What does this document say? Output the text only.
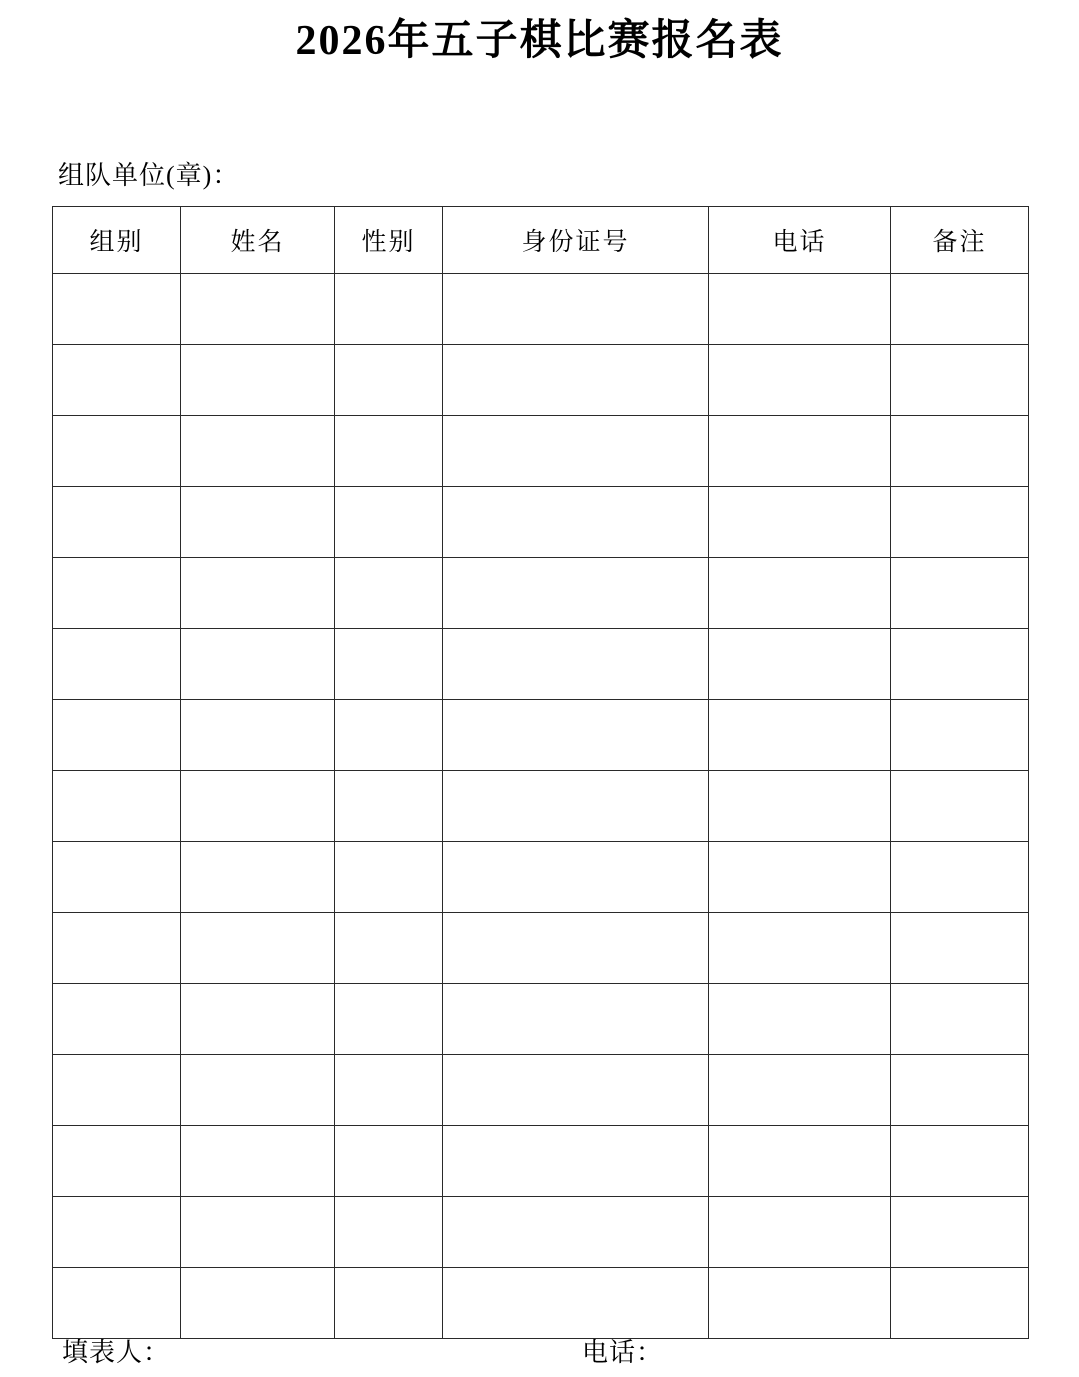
2026年五子棋比赛报名表
组队单位(章)：
组别	姓名	性别	身份证号	电话	备注

填表人：	电话：
